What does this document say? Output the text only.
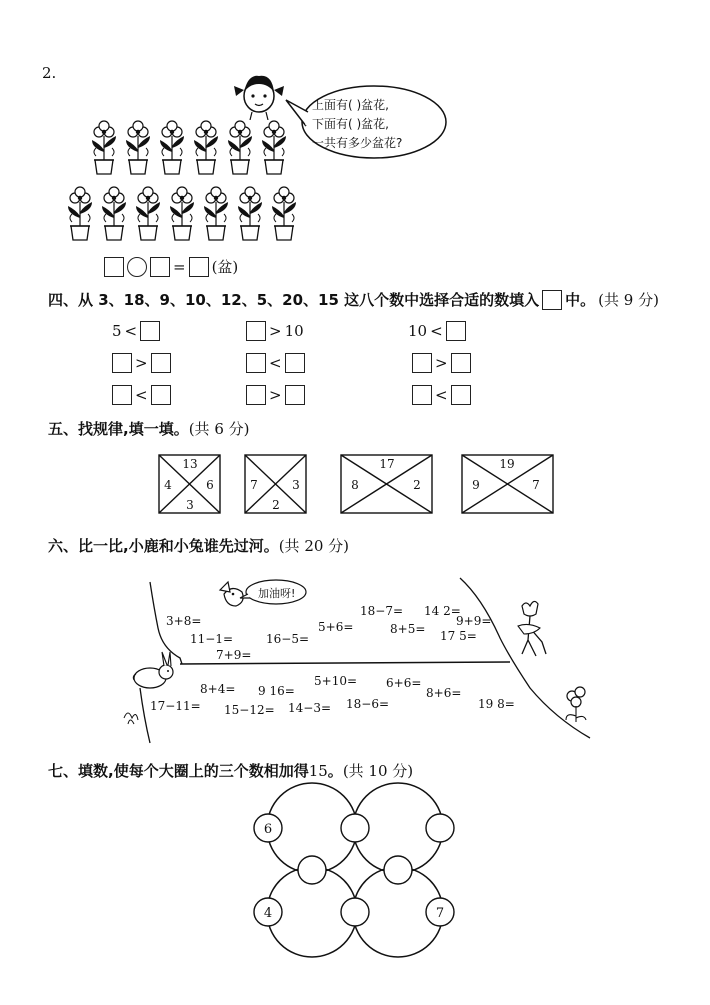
2.
上面有( )盆花,
下面有( )盆花,
一共有多少盆花?
= (盆)
四、从 3、18、9、10、12、5、20、15 这八个数中选择合适的数填入 中。 (共 9 分)
5 <	> 10	10 <
>	<	>
<	>	<
五、找规律,填一填。(共 6 分)
13
4	6
3
7	3
2
17
8	2
19
9	7
六、比一比,小鹿和小兔谁先过河。(共 20 分)
加油呀!
3+8=
11−1=
7+9=
16−5=
5+6=
18−7=
8+5=
14 2=
17 5=
9+9=
8+4= 9 16=
5+10= 6+6=
8+6=
17−11= 15−12= 14−3= 18−6=	19 8=
七、填数,使每个大圈上的三个数相加得15。(共 10 分)
6
4	7
